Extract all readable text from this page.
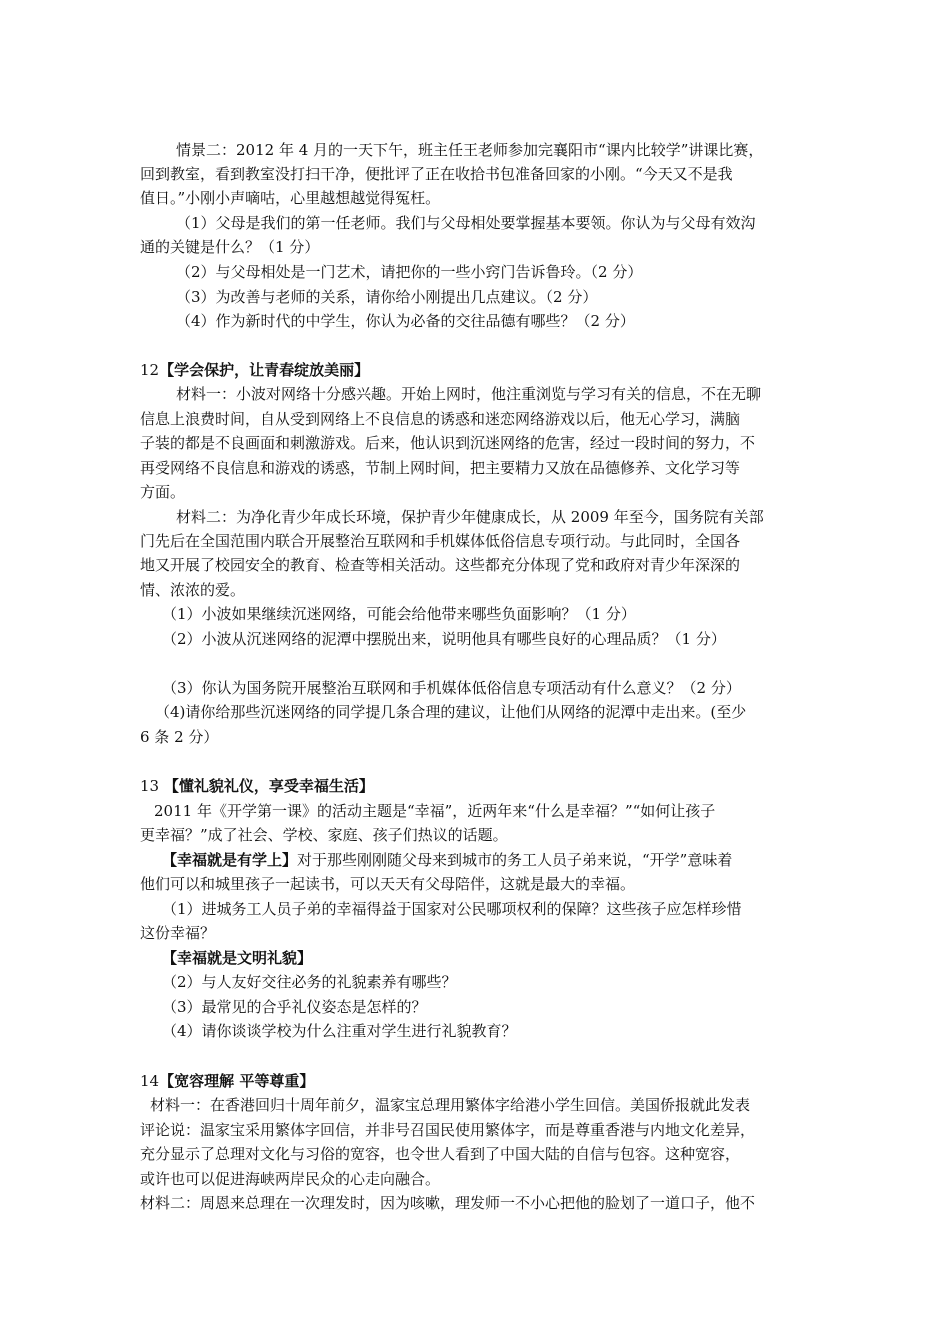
情景二：2012 年 4 月的一天下午，班主任王老师参加完襄阳市“课内比较学”讲课比赛，
回到教室，看到教室没打扫干净，便批评了正在收拾书包准备回家的小刚。“今天又不是我
值日。”小刚小声嘀咕，心里越想越觉得冤枉。
（1）父母是我们的第一任老师。我们与父母相处要掌握基本要领。你认为与父母有效沟
通的关键是什么？（1 分）
（2）与父母相处是一门艺术，请把你的一些小窍门告诉鲁玲。（2 分）
（3）为改善与老师的关系，请你给小刚提出几点建议。（2 分）
（4）作为新时代的中学生，你认为必备的交往品德有哪些？（2 分）
12【学会保护，让青春绽放美丽】
材料一：小波对网络十分感兴趣。开始上网时，他注重浏览与学习有关的信息，不在无聊
信息上浪费时间，自从受到网络上不良信息的诱惑和迷恋网络游戏以后，他无心学习，满脑
子装的都是不良画面和刺激游戏。后来，他认识到沉迷网络的危害，经过一段时间的努力，不
再受网络不良信息和游戏的诱惑，节制上网时间，把主要精力又放在品德修养、文化学习等
方面。
材料二：为净化青少年成长环境，保护青少年健康成长，从 2009 年至今，国务院有关部
门先后在全国范围内联合开展整治互联网和手机媒体低俗信息专项行动。与此同时，全国各
地又开展了校园安全的教育、检查等相关活动。这些都充分体现了党和政府对青少年深深的
情、浓浓的爱。
（1）小波如果继续沉迷网络，可能会给他带来哪些负面影响？（1 分）
（2）小波从沉迷网络的泥潭中摆脱出来，说明他具有哪些良好的心理品质？（1 分）
（3）你认为国务院开展整治互联网和手机媒体低俗信息专项活动有什么意义？（2 分）
（4)请你给那些沉迷网络的同学提几条合理的建议，让他们从网络的泥潭中走出来。(至少
6 条 2 分）
13 【懂礼貌礼仪，享受幸福生活】
2011 年《开学第一课》的活动主题是“幸福”，近两年来“什么是幸福？”“如何让孩子
更幸福？”成了社会、学校、家庭、孩子们热议的话题。
【幸福就是有学上】对于那些刚刚随父母来到城市的务工人员子弟来说，“开学”意味着
他们可以和城里孩子一起读书，可以天天有父母陪伴，这就是最大的幸福。
（1）进城务工人员子弟的幸福得益于国家对公民哪项权利的保障？这些孩子应怎样珍惜
这份幸福？
【幸福就是文明礼貌】
（2）与人友好交往必务的礼貌素养有哪些？
（3）最常见的合乎礼仪姿态是怎样的？
（4）请你谈谈学校为什么注重对学生进行礼貌教育？
14【宽容理解 平等尊重】
材料一：在香港回归十周年前夕，温家宝总理用繁体字给港小学生回信。美国侨报就此发表
评论说：温家宝采用繁体字回信，并非号召国民使用繁体字，而是尊重香港与内地文化差异，
充分显示了总理对文化与习俗的宽容，也令世人看到了中国大陆的自信与包容。这种宽容，
或许也可以促进海峡两岸民众的心走向融合。
材料二：周恩来总理在一次理发时，因为咳嗽，理发师一不小心把他的脸划了一道口子，他不
